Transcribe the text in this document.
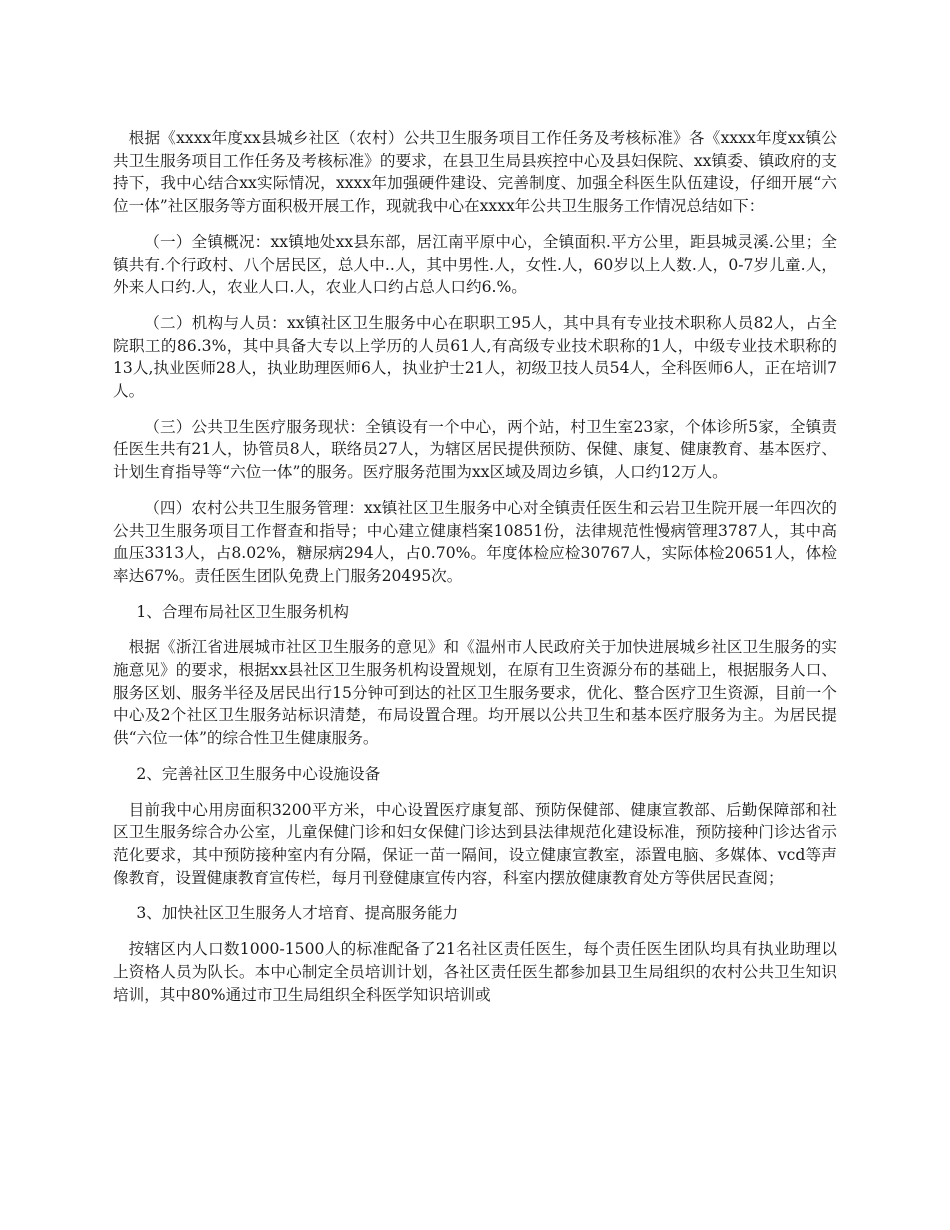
根据《xxxx年度xx县城乡社区（农村）公共卫生服务项目工作任务及考核标准》各《xxxx年度xx镇公共卫生服务项目工作任务及考核标准》的要求，在县卫生局县疾控中心及县妇保院、xx镇委、镇政府的支持下，我中心结合xx实际情况，xxxx年加强硬件建设、完善制度、加强全科医生队伍建设，仔细开展“六位一体”社区服务等方面积极开展工作，现就我中心在xxxx年公共卫生服务工作情况总结如下：

（一）全镇概况：xx镇地处xx县东部，居江南平原中心，全镇面积.平方公里，距县城灵溪.公里；全镇共有.个行政村、八个居民区，总人中..人，其中男性.人，女性.人，60岁以上人数.人，0-7岁儿童.人，外来人口约.人，农业人口.人，农业人口约占总人口约6.%。

（二）机构与人员：xx镇社区卫生服务中心在职职工95人，其中具有专业技术职称人员82人，占全院职工的86.3%，其中具备大专以上学历的人员61人,有高级专业技术职称的1人，中级专业技术职称的13人,执业医师28人，执业助理医师6人，执业护士21人，初级卫技人员54人，全科医师6人，正在培训7人。

（三）公共卫生医疗服务现状：全镇设有一个中心，两个站，村卫生室23家，个体诊所5家，全镇责任医生共有21人，协管员8人，联络员27人，为辖区居民提供预防、保健、康复、健康教育、基本医疗、计划生育指导等“六位一体”的服务。医疗服务范围为xx区域及周边乡镇，人口约12万人。

（四）农村公共卫生服务管理：xx镇社区卫生服务中心对全镇责任医生和云岩卫生院开展一年四次的公共卫生服务项目工作督查和指导；中心建立健康档案10851份，法律规范性慢病管理3787人，其中高血压3313人，占8.02%，糖尿病294人，占0.70%。年度体检应检30767人，实际体检20651人，体检率达67%。责任医生团队免费上门服务20495次。

1、合理布局社区卫生服务机构

根据《浙江省进展城市社区卫生服务的意见》和《温州市人民政府关于加快进展城乡社区卫生服务的实施意见》的要求，根据xx县社区卫生服务机构设置规划，在原有卫生资源分布的基础上，根据服务人口、服务区划、服务半径及居民出行15分钟可到达的社区卫生服务要求，优化、整合医疗卫生资源，目前一个中心及2个社区卫生服务站标识清楚，布局设置合理。均开展以公共卫生和基本医疗服务为主。为居民提供“六位一体”的综合性卫生健康服务。

2、完善社区卫生服务中心设施设备

目前我中心用房面积3200平方米，中心设置医疗康复部、预防保健部、健康宣教部、后勤保障部和社区卫生服务综合办公室，儿童保健门诊和妇女保健门诊达到县法律规范化建设标准，预防接种门诊达省示范化要求，其中预防接种室内有分隔，保证一苗一隔间，设立健康宣教室，添置电脑、多媒体、vcd等声像教育，设置健康教育宣传栏，每月刊登健康宣传内容，科室内摆放健康教育处方等供居民查阅；

3、加快社区卫生服务人才培育、提高服务能力

按辖区内人口数1000-1500人的标准配备了21名社区责任医生，每个责任医生团队均具有执业助理以上资格人员为队长。本中心制定全员培训计划，各社区责任医生都参加县卫生局组织的农村公共卫生知识培训，其中80%通过市卫生局组织全科医学知识培训或
